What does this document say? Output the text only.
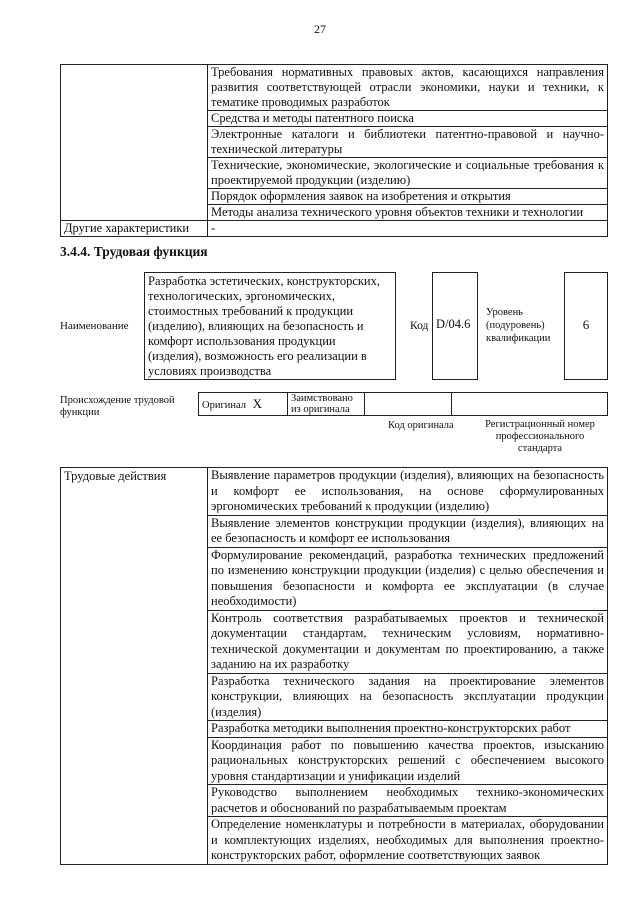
27
	Требования нормативных правовых актов, касающихся направления развития соответствующей отрасли экономики, науки и техники, к тематике проводимых разработок
	Средства и методы патентного поиска
	Электронные каталоги и библиотеки патентно-правовой и научно-технической литературы
	Технические, экономические, экологические и социальные требования к проектируемой продукции (изделию)
	Порядок оформления заявок на изобретения и открытия
	Методы анализа технического уровня объектов техники и технологии
Другие характеристики	-
3.4.4. Трудовая функция
Наименование
Разработка эстетических, конструкторских, технологических, эргономических, стоимостных требований к продукции (изделию), влияющих на безопасность и комфорт использования продукции (изделия), возможность его реализации в условиях производства
Код D/04.6
Уровень (подуровень) квалификации
6
Происхождение трудовой функции
Оригинал X	Заимствовано из оригинала		
Код оригинала	Регистрационный номер профессионального стандарта
Трудовые действия	Выявление параметров продукции (изделия), влияющих на безопасность и комфорт ее использования, на основе сформулированных эргономических требований к продукции (изделию)
Выявление элементов конструкции продукции (изделия), влияющих на ее безопасность и комфорт ее использования
Формулирование рекомендаций, разработка технических предложений по изменению конструкции продукции (изделия) с целью обеспечения и повышения безопасности и комфорта ее эксплуатации (в случае необходимости)
Контроль соответствия разрабатываемых проектов и технической документации стандартам, техническим условиям, нормативно-технической документации и документам по проектированию, а также заданию на их разработку
Разработка технического задания на проектирование элементов конструкции, влияющих на безопасность эксплуатации продукции (изделия)
Разработка методики выполнения проектно-конструкторских работ
Координация работ по повышению качества проектов, изысканию рациональных конструкторских решений с обеспечением высокого уровня стандартизации и унификации изделий
Руководство выполнением необходимых технико-экономических расчетов и обоснований по разрабатываемым проектам
Определение номенклатуры и потребности в материалах, оборудовании и комплектующих изделиях, необходимых для выполнения проектно-конструкторских работ, оформление соответствующих заявок
